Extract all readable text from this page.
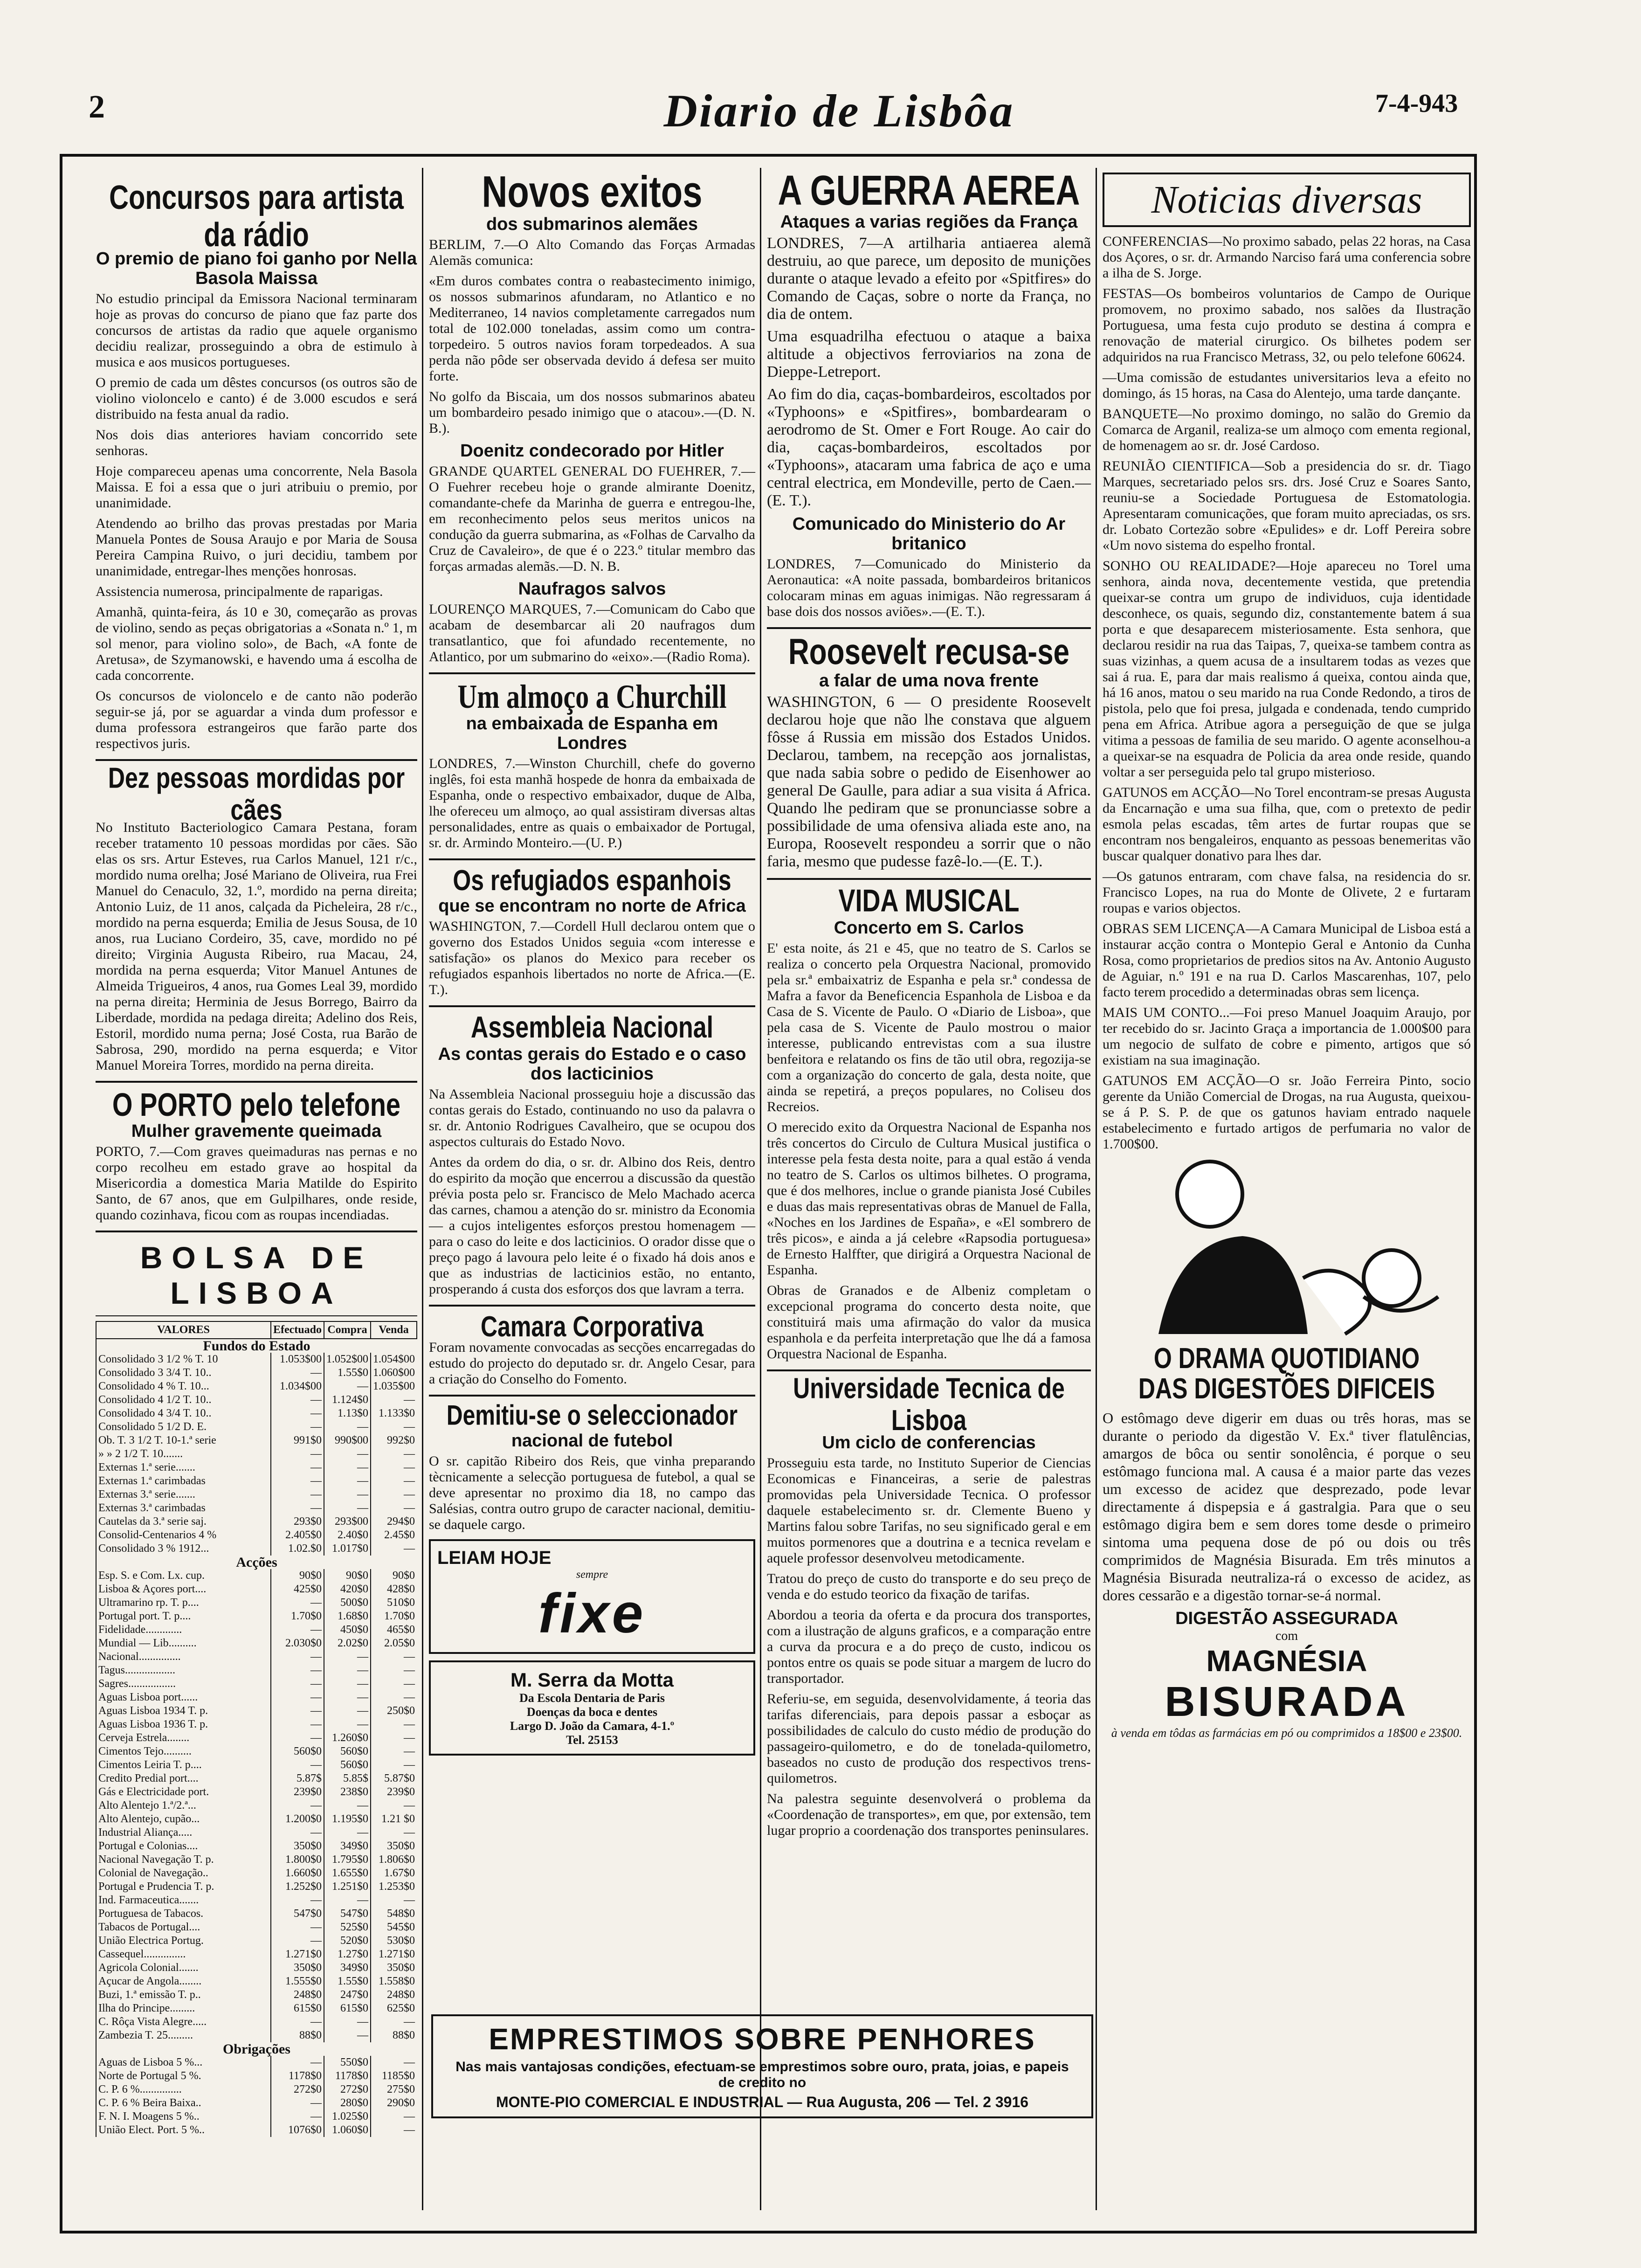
2	Diario de Lisbôa	7-4-943
Concursos para artista da rádio
O premio de piano foi ganho por Nella Basola Maissa

No estudio principal da Emissora Nacional terminaram hoje as provas do concurso de piano que faz parte dos concursos de artistas da radio que aquele organismo decidiu realizar, prosseguindo a obra de estimulo à musica e aos musicos portugueses.

O premio de cada um dêstes concursos (os outros são de violino violoncelo e canto) é de 3.000 escudos e será distribuido na festa anual da radio.

Nos dois dias anteriores haviam concorrido sete senhoras.

Hoje compareceu apenas uma concorrente, Nela Basola Maissa. E foi a essa que o juri atribuiu o premio, por unanimidade.

Atendendo ao brilho das provas prestadas por Maria Manuela Pontes de Sousa Araujo e por Maria de Sousa Pereira Campina Ruivo, o juri decidiu, tambem por unanimidade, entregar-lhes menções honrosas.

Assistencia numerosa, principalmente de raparigas.

Amanhã, quinta-feira, ás 10 e 30, começarão as provas de violino, sendo as peças obrigatorias a «Sonata n.º 1, m sol menor, para violino solo», de Bach, «A fonte de Aretusa», de Szymanowski, e havendo uma á escolha de cada concorrente.

Os concursos de violoncelo e de canto não poderão seguir-se já, por se aguardar a vinda dum professor e duma professora estrangeiros que farão parte dos respectivos juris.

Dez pessoas mordidas por cães

No Instituto Bacteriologico Camara Pestana, foram receber tratamento 10 pessoas mordidas por cães. São elas os srs. Artur Esteves, rua Carlos Manuel, 121 r/c., mordido numa orelha; José Mariano de Oliveira, rua Frei Manuel do Cenaculo, 32, 1.º, mordido na perna direita; Antonio Luiz, de 11 anos, calçada da Picheleira, 28 r/c., mordido na perna esquerda; Emilia de Jesus Sousa, de 10 anos, rua Luciano Cordeiro, 35, cave, mordido no pé direito; Virginia Augusta Ribeiro, rua Macau, 24, mordida na perna esquerda; Vitor Manuel Antunes de Almeida Trigueiros, 4 anos, rua Gomes Leal 39, mordido na perna direita; Herminia de Jesus Borrego, Bairro da Liberdade, mordida na pedaga direita; Adelino dos Reis, Estoril, mordido numa perna; José Costa, rua Barão de Sabrosa, 290, mordido na perna esquerda; e Vitor Manuel Moreira Torres, mordido na perna direita.

O PORTO pelo telefone
Mulher gravemente queimada

PORTO, 7.—Com graves queimaduras nas pernas e no corpo recolheu em estado grave ao hospital da Misericordia a domestica Maria Matilde do Espirito Santo, de 67 anos, que em Gulpilhares, onde reside, quando cozinhava, ficou com as roupas incendiadas.

BOLSA DE LISBOA
VALORES	Efectuado	Compra	Venda
Fundos do Estado			
Consolidado 3 1/2 % T. 10	1.053$00	1.052$00	1.054$00
Consolidado 3 3/4 T. 10..	—	1.55$0	1.060$00
Consolidado 4 % T. 10...	1.034$00	—	1.035$00
Consolidado 4 1/2 T. 10..	—	1.124$0	—
Consolidado 4 3/4 T. 10..	—	1.13$0	1.133$0
Consolidado 5 1/2 D. E.	—	—	—
Ob. T. 3 1/2 T. 10-1.ª serie	991$0	990$00	992$0
» » 2 1/2 T. 10.......	—	—	—
Externas 1.ª serie.......	—	—	—
Externas 1.ª carimbadas	—	—	—
Externas 3.ª serie.......	—	—	—
Externas 3.ª carimbadas	—	—	—
Cautelas da 3.ª serie saj.	293$0	293$00	294$0
Consolid-Centenarios 4 %	2.405$0	2.40$0	2.45$0
Consolidado 3 % 1912...	1.02.$0	1.017$0	—
Acções			
Esp. S. e Com. Lx. cup.	90$0	90$0	90$0
Lisboa & Açores port....	425$0	420$0	428$0
Ultramarino rp. T. p....	—	500$0	510$0
Portugal port. T. p....	1.70$0	1.68$0	1.70$0
Fidelidade.............	—	450$0	465$0
Mundial — Lib..........	2.030$0	2.02$0	2.05$0
Nacional...............	—	—	—
Tagus..................	—	—	—
Sagres.................	—	—	—
Aguas Lisboa port......	—	—	—
Aguas Lisboa 1934 T. p.	—	—	250$0
Aguas Lisboa 1936 T. p.	—	—	—
Cerveja Estrela........	—	1.260$0	—
Cimentos Tejo..........	560$0	560$0	—
Cimentos Leiria T. p....	—	560$0	—
Credito Predial port....	5.87$	5.85$	5.87$0
Gás e Electricidade port.	239$0	238$0	239$0
Alto Alentejo 1.ª/2.ª...	—	—	—
Alto Alentejo, cupão...	1.200$0	1.195$0	1.21 $0
Industrial Aliança.....	—	—	—
Portugal e Colonias....	350$0	349$0	350$0
Nacional Navegação T. p.	1.800$0	1.795$0	1.806$0
Colonial de Navegação..	1.660$0	1.655$0	1.67$0
Portugal e Prudencia T. p.	1.252$0	1.251$0	1.253$0
Ind. Farmaceutica.......	—	—	—
Portuguesa de Tabacos.	547$0	547$0	548$0
Tabacos de Portugal....	—	525$0	545$0
União Electrica Portug.	—	520$0	530$0
Cassequel...............	1.271$0	1.27$0	1.271$0
Agricola Colonial.......	350$0	349$0	350$0
Açucar de Angola........	1.555$0	1.55$0	1.558$0
Buzi, 1.ª emissão T. p..	248$0	247$0	248$0
Ilha do Principe.........	615$0	615$0	625$0
C. Rôça Vista Alegre.....	—	—	—
Zambezia T. 25.........	88$0	—	88$0
Obrigações			
Aguas de Lisboa 5 %...	—	550$0	—
Norte de Portugal 5 %.	1178$0	1178$0	1185$0
C. P. 6 %...............	272$0	272$0	275$0
C. P. 6 % Beira Baixa..	—	280$0	290$0
F. N. I. Moagens 5 %..	—	1.025$0	—
União Elect. Port. 5 %..	1076$0	1.060$0	—
Novos exitos
dos submarinos alemães

BERLIM, 7.—O Alto Comando das Forças Armadas Alemãs comunica:

«Em duros combates contra o reabastecimento inimigo, os nossos submarinos afundaram, no Atlantico e no Mediterraneo, 14 navios completamente carregados num total de 102.000 toneladas, assim como um contra-torpedeiro. 5 outros navios foram torpedeados. A sua perda não pôde ser observada devido á defesa ser muito forte.

No golfo da Biscaia, um dos nossos submarinos abateu um bombardeiro pesado inimigo que o atacou».—(D. N. B.).

Doenitz condecorado por Hitler

GRANDE QUARTEL GENERAL DO FUEHRER, 7.—O Fuehrer recebeu hoje o grande almirante Doenitz, comandante-chefe da Marinha de guerra e entregou-lhe, em reconhecimento pelos seus meritos unicos na condução da guerra submarina, as «Folhas de Carvalho da Cruz de Cavaleiro», de que é o 223.º titular membro das forças armadas alemãs.—D. N. B.

Naufragos salvos

LOURENÇO MARQUES, 7.—Comunicam do Cabo que acabam de desembarcar ali 20 naufragos dum transatlantico, que foi afundado recentemente, no Atlantico, por um submarino do «eixo».—(Radio Roma).

Um almoço a Churchill
na embaixada de Espanha em Londres

LONDRES, 7.—Winston Churchill, chefe do governo inglês, foi esta manhã hospede de honra da embaixada de Espanha, onde o respectivo embaixador, duque de Alba, lhe ofereceu um almoço, ao qual assistiram diversas altas personalidades, entre as quais o embaixador de Portugal, sr. dr. Armindo Monteiro.—(U. P.)

Os refugiados espanhois
que se encontram no norte de Africa

WASHINGTON, 7.—Cordell Hull declarou ontem que o governo dos Estados Unidos seguia «com interesse e satisfação» os planos do Mexico para receber os refugiados espanhois libertados no norte de Africa.—(E. T.).

Assembleia Nacional
As contas gerais do Estado e o caso dos lacticinios

Na Assembleia Nacional prosseguiu hoje a discussão das contas gerais do Estado, continuando no uso da palavra o sr. dr. Antonio Rodrigues Cavalheiro, que se ocupou dos aspectos culturais do Estado Novo.

Antes da ordem do dia, o sr. dr. Albino dos Reis, dentro do espirito da moção que encerrou a discussão da questão prévia posta pelo sr. Francisco de Melo Machado acerca das carnes, chamou a atenção do sr. ministro da Economia — a cujos inteligentes esforços prestou homenagem — para o caso do leite e dos lacticinios. O orador disse que o preço pago á lavoura pelo leite é o fixado há dois anos e que as industrias de lacticinios estão, no entanto, prosperando á custa dos esforços dos que lavram a terra.

Camara Corporativa

Foram novamente convocadas as secções encarregadas do estudo do projecto do deputado sr. dr. Angelo Cesar, para a criação do Conselho do Fomento.

Demitiu-se o seleccionador
nacional de futebol

O sr. capitão Ribeiro dos Reis, que vinha preparando tècnicamente a selecção portuguesa de futebol, a qual se deve apresentar no proximo dia 18, no campo das Salésias, contra outro grupo de caracter nacional, demitiu-se daquele cargo.

LEIAM HOJE
sempre
fixe
M. Serra da Motta
Da Escola Dentaria de Paris
Doenças da boca e dentes
Largo D. João da Camara, 4-1.º
Tel. 25153
A GUERRA AEREA
Ataques a varias regiões da França

LONDRES, 7—A artilharia antiaerea alemã destruiu, ao que parece, um deposito de munições durante o ataque levado a efeito por «Spitfires» do Comando de Caças, sobre o norte da França, no dia de ontem.

Uma esquadrilha efectuou o ataque a baixa altitude a objectivos ferroviarios na zona de Dieppe-Letreport.

Ao fim do dia, caças-bombardeiros, escoltados por «Typhoons» e «Spitfires», bombardearam o aerodromo de St. Omer e Fort Rouge. Ao cair do dia, caças-bombardeiros, escoltados por «Typhoons», atacaram uma fabrica de aço e uma central electrica, em Mondeville, perto de Caen.—(E. T.).

Comunicado do Ministerio do Ar britanico

LONDRES, 7—Comunicado do Ministerio da Aeronautica: «A noite passada, bombardeiros britanicos colocaram minas em aguas inimigas. Não regressaram á base dois dos nossos aviões».—(E. T.).

Roosevelt recusa-se
a falar de uma nova frente

WASHINGTON, 6 — O presidente Roosevelt declarou hoje que não lhe constava que alguem fôsse á Russia em missão dos Estados Unidos. Declarou, tambem, na recepção aos jornalistas, que nada sabia sobre o pedido de Eisenhower ao general De Gaulle, para adiar a sua visita á Africa. Quando lhe pediram que se pronunciasse sobre a possibilidade de uma ofensiva aliada este ano, na Europa, Roosevelt respondeu a sorrir que o não faria, mesmo que pudesse fazê-lo.—(E. T.).

VIDA MUSICAL
Concerto em S. Carlos

E' esta noite, ás 21 e 45, que no teatro de S. Carlos se realiza o concerto pela Orquestra Nacional, promovido pela sr.ª embaixatriz de Espanha e pela sr.ª condessa de Mafra a favor da Beneficencia Espanhola de Lisboa e da Casa de S. Vicente de Paulo. O «Diario de Lisboa», que pela casa de S. Vicente de Paulo mostrou o maior interesse, publicando entrevistas com a sua ilustre benfeitora e relatando os fins de tão util obra, regozija-se com a organização do concerto de gala, desta noite, que ainda se repetirá, a preços populares, no Coliseu dos Recreios.

O merecido exito da Orquestra Nacional de Espanha nos três concertos do Circulo de Cultura Musical justifica o interesse pela festa desta noite, para a qual estão á venda no teatro de S. Carlos os ultimos bilhetes. O programa, que é dos melhores, inclue o grande pianista José Cubiles e duas das mais representativas obras de Manuel de Falla, «Noches en los Jardines de España», e «El sombrero de três picos», e ainda a já celebre «Rapsodia portuguesa» de Ernesto Halffter, que dirigirá a Orquestra Nacional de Espanha.

Obras de Granados e de Albeniz completam o excepcional programa do concerto desta noite, que constituirá mais uma afirmação do valor da musica espanhola e da perfeita interpretação que lhe dá a famosa Orquestra Nacional de Espanha.

Universidade Tecnica de Lisboa
Um ciclo de conferencias

Prosseguiu esta tarde, no Instituto Superior de Ciencias Economicas e Financeiras, a serie de palestras promovidas pela Universidade Tecnica. O professor daquele estabelecimento sr. dr. Clemente Bueno y Martins falou sobre Tarifas, no seu significado geral e em muitos pormenores que a doutrina e a tecnica revelam e aquele professor desenvolveu metodicamente.

Tratou do preço de custo do transporte e do seu preço de venda e do estudo teorico da fixação de tarifas.

Abordou a teoria da oferta e da procura dos transportes, com a ilustração de alguns graficos, e a comparação entre a curva da procura e a do preço de custo, indicou os pontos entre os quais se pode situar a margem de lucro do transportador.

Referiu-se, em seguida, desenvolvidamente, á teoria das tarifas diferenciais, para depois passar a esboçar as possibilidades de calculo do custo médio de produção do passageiro-quilometro, e do de tonelada-quilometro, baseados no custo de produção dos respectivos trens-quilometros.

Na palestra seguinte desenvolverá o problema da «Coordenação de transportes», em que, por extensão, tem lugar proprio a coordenação dos transportes peninsulares.

Noticias diversas

CONFERENCIAS—No proximo sabado, pelas 22 horas, na Casa dos Açores, o sr. dr. Armando Narciso fará uma conferencia sobre a ilha de S. Jorge.

FESTAS—Os bombeiros voluntarios de Campo de Ourique promovem, no proximo sabado, nos salões da Ilustração Portuguesa, uma festa cujo produto se destina á compra e renovação de material cirurgico. Os bilhetes podem ser adquiridos na rua Francisco Metrass, 32, ou pelo telefone 60624.

—Uma comissão de estudantes universitarios leva a efeito no domingo, ás 15 horas, na Casa do Alentejo, uma tarde dançante.

BANQUETE—No proximo domingo, no salão do Gremio da Comarca de Arganil, realiza-se um almoço com ementa regional, de homenagem ao sr. dr. José Cardoso.

REUNIÃO CIENTIFICA—Sob a presidencia do sr. dr. Tiago Marques, secretariado pelos srs. drs. José Cruz e Soares Santo, reuniu-se a Sociedade Portuguesa de Estomatologia. Apresentaram comunicações, que foram muito apreciadas, os srs. dr. Lobato Cortezão sobre «Epulides» e dr. Loff Pereira sobre «Um novo sistema do espelho frontal.

SONHO OU REALIDADE?—Hoje apareceu no Torel uma senhora, ainda nova, decentemente vestida, que pretendia queixar-se contra um grupo de individuos, cuja identidade desconhece, os quais, segundo diz, constantemente batem á sua porta e que desaparecem misteriosamente. Esta senhora, que declarou residir na rua das Taipas, 7, queixa-se tambem contra as suas vizinhas, a quem acusa de a insultarem todas as vezes que sai á rua. E, para dar mais realismo á queixa, contou ainda que, há 16 anos, matou o seu marido na rua Conde Redondo, a tiros de pistola, pelo que foi presa, julgada e condenada, tendo cumprido pena em Africa. Atribue agora a perseguição de que se julga vitima a pessoas de familia de seu marido. O agente aconselhou-a a queixar-se na esquadra de Policia da area onde reside, quando voltar a ser perseguida pelo tal grupo misterioso.

GATUNOS em ACÇÃO—No Torel encontram-se presas Augusta da Encarnação e uma sua filha, que, com o pretexto de pedir esmola pelas escadas, têm artes de furtar roupas que se encontram nos bengaleiros, enquanto as pessoas benemeritas vão buscar qualquer donativo para lhes dar.

—Os gatunos entraram, com chave falsa, na residencia do sr. Francisco Lopes, na rua do Monte de Olivete, 2 e furtaram roupas e varios objectos.

OBRAS SEM LICENÇA—A Camara Municipal de Lisboa está a instaurar acção contra o Montepio Geral e Antonio da Cunha Rosa, como proprietarios de predios sitos na Av. Antonio Augusto de Aguiar, n.º 191 e na rua D. Carlos Mascarenhas, 107, pelo facto terem procedido a determinadas obras sem licença.

MAIS UM CONTO...—Foi preso Manuel Joaquim Araujo, por ter recebido do sr. Jacinto Graça a importancia de 1.000$00 para um negocio de sulfato de cobre e pimento, artigos que só existiam na sua imaginação.

GATUNOS EM ACÇÃO—O sr. João Ferreira Pinto, socio gerente da União Comercial de Drogas, na rua Augusta, queixou-se á P. S. P. de que os gatunos haviam entrado naquele estabelecimento e furtado artigos de perfumaria no valor de 1.700$00.

O DRAMA QUOTIDIANO
DAS DIGESTÕES DIFICEIS

O estômago deve digerir em duas ou três horas, mas se durante o periodo da digestão V. Ex.ª tiver flatulências, amargos de bôca ou sentir sonolência, é porque o seu estômago funciona mal. A causa é a maior parte das vezes um excesso de acidez que desprezado, pode levar directamente á dispepsia e á gastralgia. Para que o seu estômago digira bem e sem dores tome desde o primeiro sintoma uma pequena dose de pó ou dois ou três comprimidos de Magnésia Bisurada. Em três minutos a Magnésia Bisurada neutraliza-rá o excesso de acidez, as dores cessarão e a digestão tornar-se-á normal.

DIGESTÃO ASSEGURADA
com
MAGNÉSIA
BISURADA
à venda em tôdas as farmácias em pó ou comprimidos a 18$00 e 23$00.
EMPRESTIMOS SOBRE PENHORES
Nas mais vantajosas condições, efectuam-se emprestimos sobre ouro, prata, joias, e papeis de credito no
MONTE-PIO COMERCIAL E INDUSTRIAL — Rua Augusta, 206 — Tel. 2 3916
